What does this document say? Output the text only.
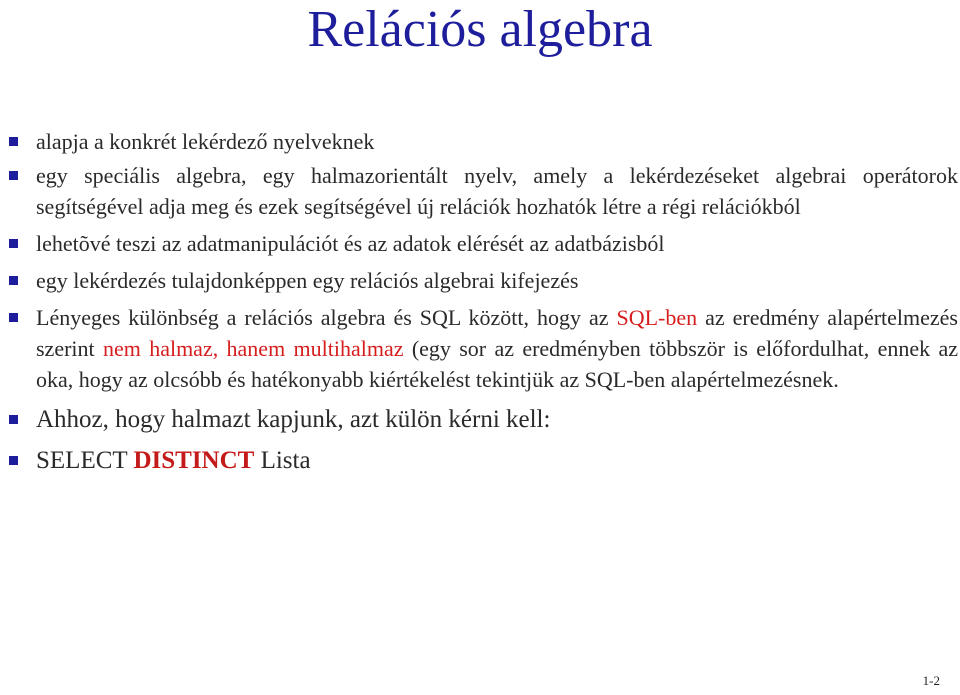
Relációs algebra
alapja a konkrét lekérdező nyelveknek
egy speciális algebra, egy halmazorientált nyelv, amely a lekérdezéseket algebrai operátorok segítségével adja meg és ezek segítségével új relációk hozhatók létre a régi relációkból
lehetõvé teszi az adatmanipulációt és az adatok elérését az adatbázisból
egy lekérdezés tulajdonképpen egy relációs algebrai kifejezés
Lényeges különbség a relációs algebra és SQL között, hogy az SQL-ben az eredmény alapértelmezés szerint nem halmaz, hanem multihalmaz (egy sor az eredményben többször is előfordulhat, ennek az oka, hogy az olcsóbb és hatékonyabb kiértékelést tekintjük az SQL-ben alapértelmezésnek.
Ahhoz, hogy halmazt kapjunk, azt külön kérni kell:
SELECT DISTINCT Lista
1-2
